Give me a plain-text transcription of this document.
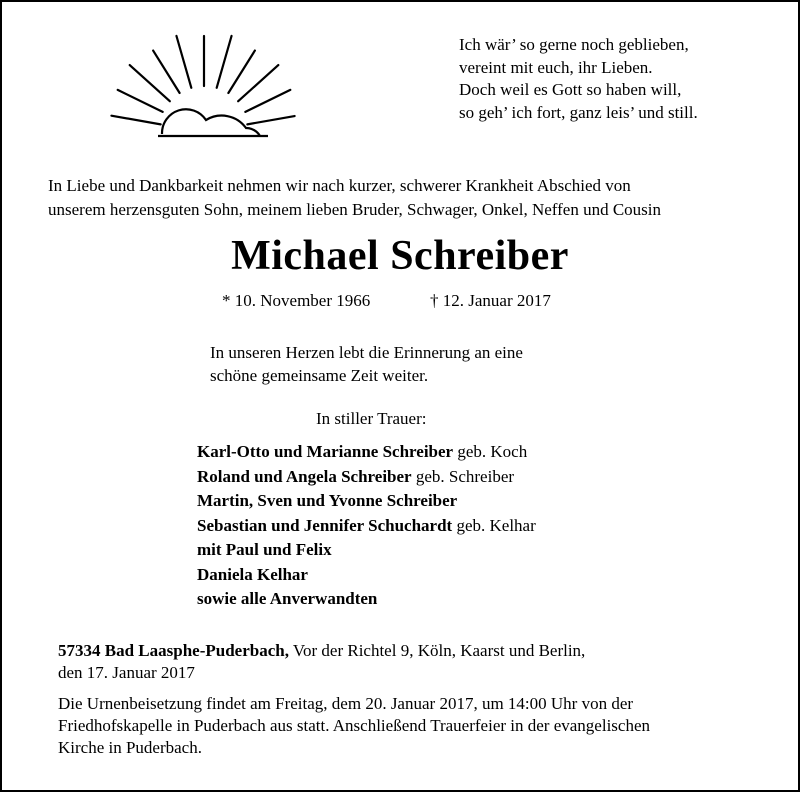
Ich wär’ so gerne noch geblieben,
vereint mit euch, ihr Lieben.
Doch weil es Gott so haben will,
so geh’ ich fort, ganz leis’ und still.
In Liebe und Dankbarkeit nehmen wir nach kurzer, schwerer Krankheit Abschied von
unserem herzensguten Sohn, meinem lieben Bruder, Schwager, Onkel, Neffen und Cousin
Michael Schreiber
* 10. November 1966	† 12. Januar 2017
In unseren Herzen lebt die Erinnerung an eine
schöne gemeinsame Zeit weiter.
In stiller Trauer:
Karl-Otto und Marianne Schreiber geb. Koch
Roland und Angela Schreiber geb. Schreiber
Martin, Sven und Yvonne Schreiber
Sebastian und Jennifer Schuchardt geb. Kelhar
mit Paul und Felix
Daniela Kelhar
sowie alle Anverwandten
57334 Bad Laasphe-Puderbach, Vor der Richtel 9, Köln, Kaarst und Berlin,
den 17. Januar 2017
Die Urnenbeisetzung findet am Freitag, dem 20. Januar 2017, um 14:00 Uhr von der
Friedhofskapelle in Puderbach aus statt. Anschließend Trauerfeier in der evangelischen
Kirche in Puderbach.
